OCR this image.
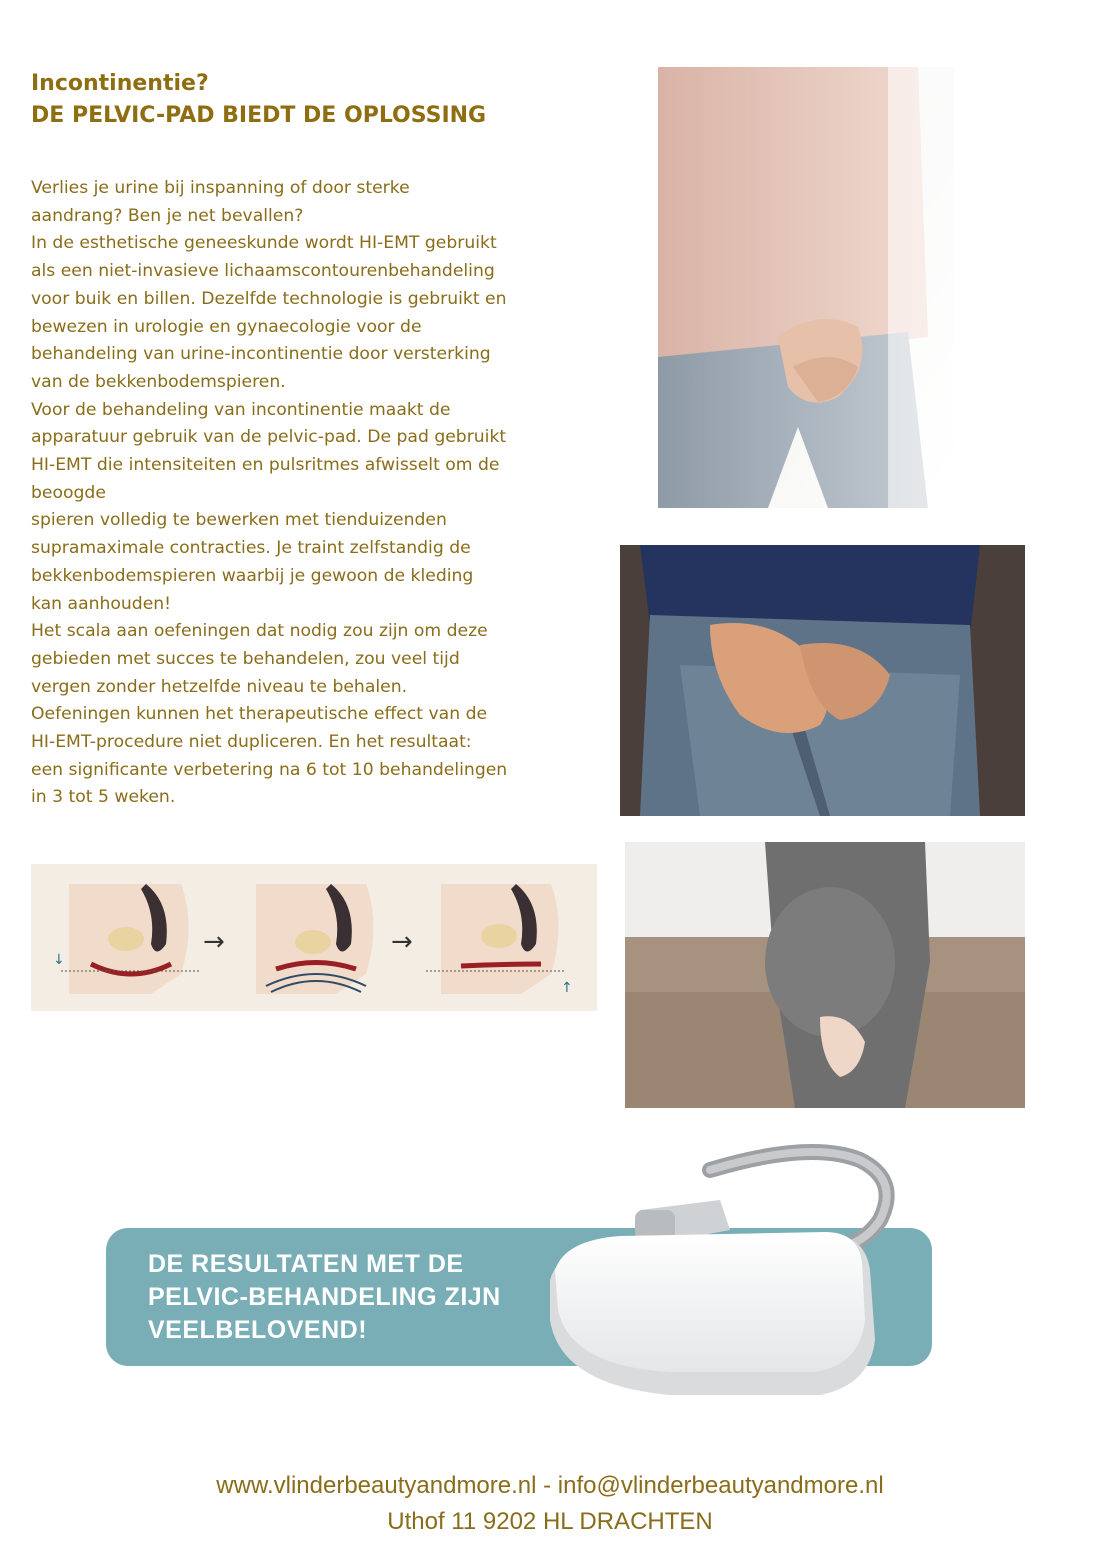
Incontinentie?
DE PELVIC-PAD BIEDT DE OPLOSSING
Verlies je urine bij inspanning of door sterke
aandrang? Ben je net bevallen?
In de esthetische geneeskunde wordt HI-EMT gebruikt
als een niet-invasieve lichaamscontourenbehandeling
voor buik en billen. Dezelfde technologie is gebruikt en
bewezen in urologie en gynaecologie voor de
behandeling van urine-incontinentie door versterking
van de bekkenbodemspieren.
Voor de behandeling van incontinentie maakt de
apparatuur gebruik van de pelvic-pad. De pad gebruikt
HI-EMT die intensiteiten en pulsritmes afwisselt om de
beoogde
spieren volledig te bewerken met tienduizenden
supramaximale contracties. Je traint zelfstandig de
bekkenbodemspieren waarbij je gewoon de kleding
kan aanhouden!
Het scala aan oefeningen dat nodig zou zijn om deze
gebieden met succes te behandelen, zou veel tijd
vergen zonder hetzelfde niveau te behalen.
Oefeningen kunnen het therapeutische effect van de
HI-EMT-procedure niet dupliceren. En het resultaat:
een significante verbetering na 6 tot 10 behandelingen
in 3 tot 5 weken.
↓
→	→
↑
DE RESULTATEN MET DE
PELVIC-BEHANDELING ZIJN
VEELBELOVEND!
www.vlinderbeautyandmore.nl - info@vlinderbeautyandmore.nl
Uthof 11 9202 HL DRACHTEN
